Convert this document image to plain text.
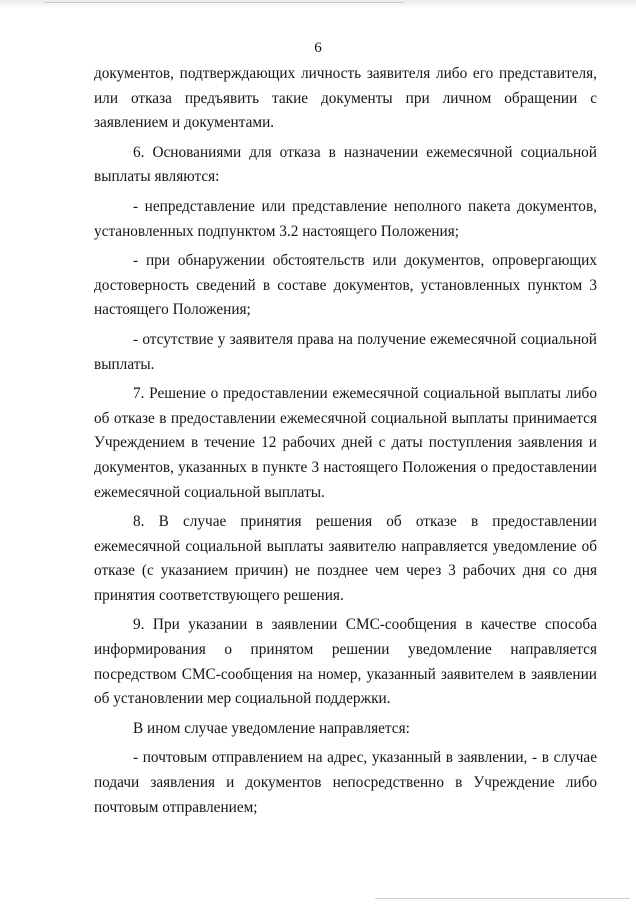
6

документов, подтверждающих личность заявителя либо его представителя, или отказа предъявить такие документы при личном обращении с заявлением и документами.

6. Основаниями для отказа в назначении ежемесячной социальной выплаты являются:

- непредставление или представление неполного пакета документов, установленных подпунктом 3.2 настоящего Положения;

- при обнаружении обстоятельств или документов, опровергающих достоверность сведений в составе документов, установленных пунктом 3 настоящего Положения;

- отсутствие у заявителя права на получение ежемесячной социальной выплаты.

7. Решение о предоставлении ежемесячной социальной выплаты либо об отказе в предоставлении ежемесячной социальной выплаты принимается Учреждением в течение 12 рабочих дней с даты поступления заявления и документов, указанных в пункте 3 настоящего Положения о предоставлении ежемесячной социальной выплаты.

8. В случае принятия решения об отказе в предоставлении ежемесячной социальной выплаты заявителю направляется уведомление об отказе (с указанием причин) не позднее чем через 3 рабочих дня со дня принятия соответствующего решения.

9. При указании в заявлении СМС-сообщения в качестве способа информирования о принятом решении уведомление направляется посредством СМС-сообщения на номер, указанный заявителем в заявлении об установлении мер социальной поддержки.

В ином случае уведомление направляется:

- почтовым отправлением на адрес, указанный в заявлении, - в случае подачи заявления и документов непосредственно в Учреждение либо почтовым отправлением;
